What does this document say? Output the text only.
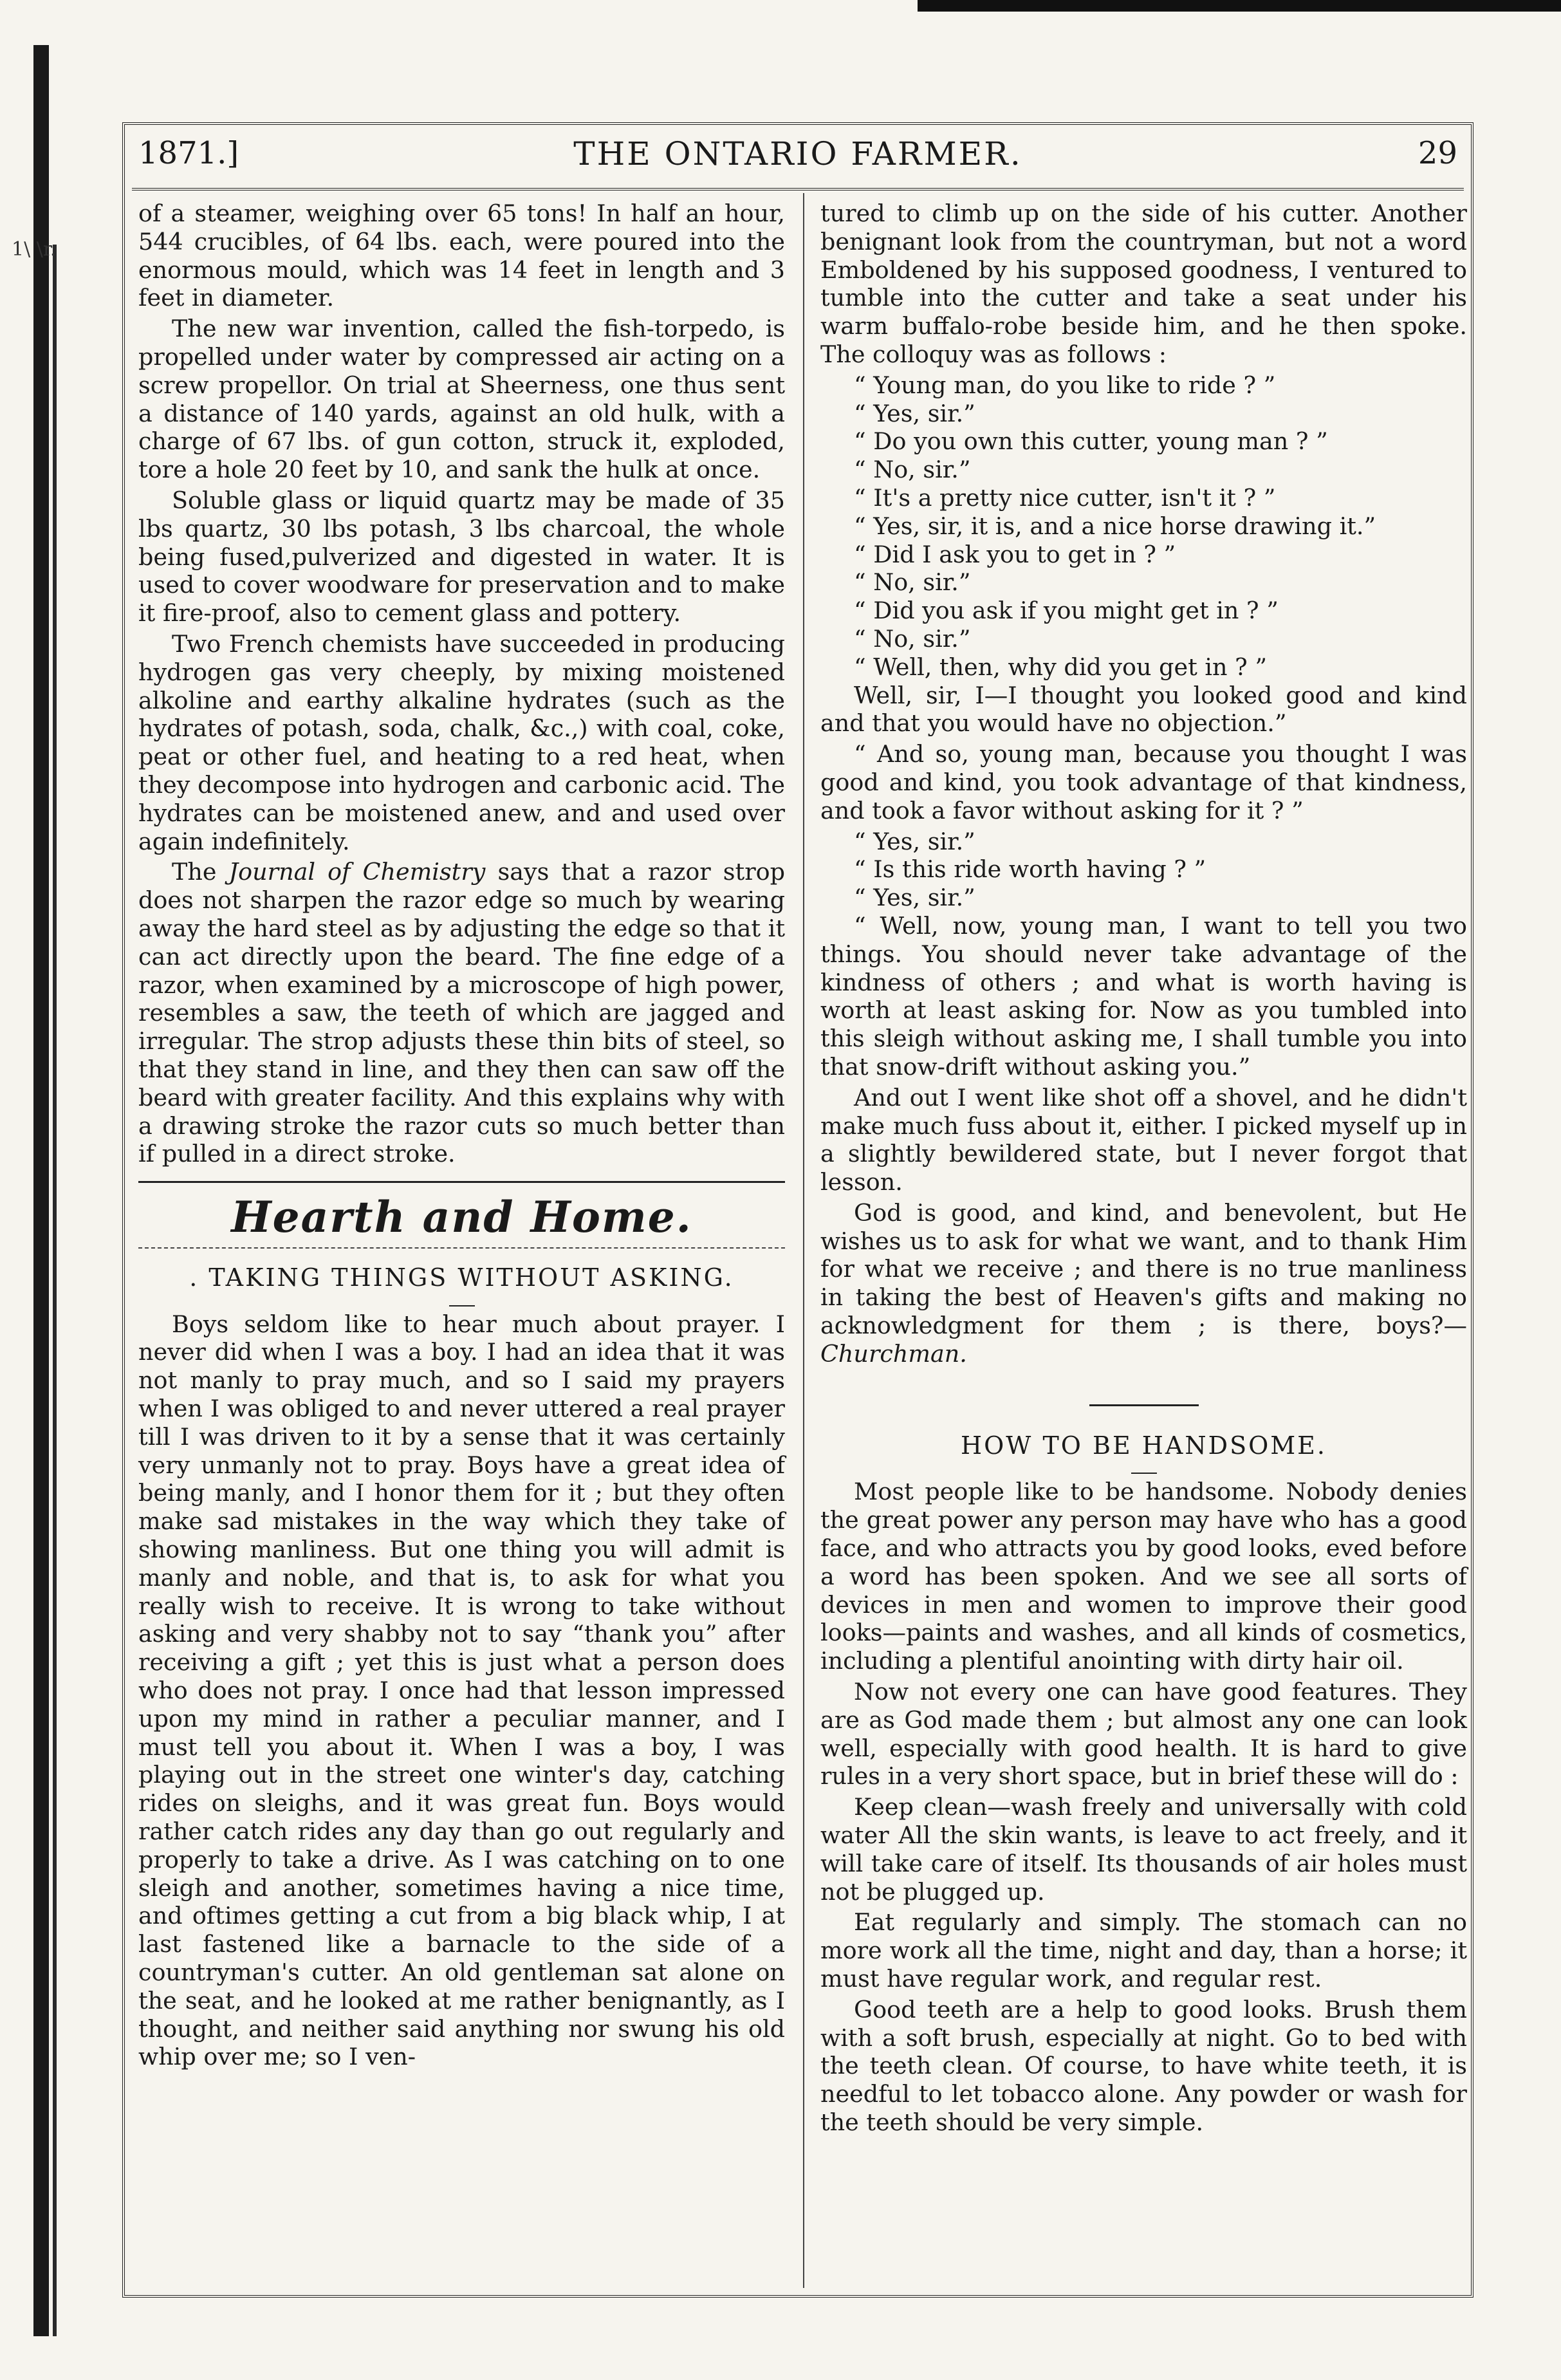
1\ \r.
1871.]	THE ONTARIO FARMER.	29

of a steamer, weighing over 65 tons! In half an hour, 544 crucibles, of 64 lbs. each, were poured into the enormous mould, which was 14 feet in length and 3 feet in diameter.

The new war invention, called the fish-torpedo, is propelled under water by compressed air acting on a screw propellor. On trial at Sheerness, one thus sent a distance of 140 yards, against an old hulk, with a charge of 67 lbs. of gun cotton, struck it, exploded, tore a hole 20 feet by 10, and sank the hulk at once.

Soluble glass or liquid quartz may be made of 35 lbs quartz, 30 lbs potash, 3 lbs charcoal, the whole being fused,pulverized and digested in water. It is used to cover woodware for preservation and to make it fire-proof, also to cement glass and pottery.

Two French chemists have succeeded in producing hydrogen gas very cheeply, by mixing moistened alkoline and earthy alkaline hydrates (such as the hydrates of potash, soda, chalk, &c.,) with coal, coke, peat or other fuel, and heating to a red heat, when they decompose into hydrogen and carbonic acid. The hydrates can be moistened anew, and and used over again indefinitely.

The Journal of Chemistry says that a razor strop does not sharpen the razor edge so much by wearing away the hard steel as by adjusting the edge so that it can act directly upon the beard. The fine edge of a razor, when examined by a microscope of high power, resembles a saw, the teeth of which are jagged and irregular. The strop adjusts these thin bits of steel, so that they stand in line, and they then can saw off the beard with greater facility. And this explains why with a drawing stroke the razor cuts so much better than if pulled in a direct stroke.

Hearth and Home.
. TAKING THINGS WITHOUT ASKING.

Boys seldom like to hear much about prayer. I never did when I was a boy. I had an idea that it was not manly to pray much, and so I said my prayers when I was obliged to and never uttered a real prayer till I was driven to it by a sense that it was certainly very unmanly not to pray. Boys have a great idea of being manly, and I honor them for it ; but they often make sad mistakes in the way which they take of showing manliness. But one thing you will admit is manly and noble, and that is, to ask for what you really wish to receive. It is wrong to take without asking and very shabby not to say “thank you” after receiving a gift ; yet this is just what a person does who does not pray. I once had that lesson impressed upon my mind in rather a peculiar manner, and I must tell you about it. When I was a boy, I was playing out in the street one winter's day, catching rides on sleighs, and it was great fun. Boys would rather catch rides any day than go out regularly and properly to take a drive. As I was catching on to one sleigh and another, sometimes having a nice time, and oftimes getting a cut from a big black whip, I at last fastened like a barnacle to the side of a countryman's cutter. An old gentleman sat alone on the seat, and he looked at me rather benignantly, as I thought, and neither said anything nor swung his old whip over me; so I ven-

tured to climb up on the side of his cutter. Another benignant look from the countryman, but not a word Emboldened by his supposed goodness, I ventured to tumble into the cutter and take a seat under his warm buffalo-robe beside him, and he then spoke. The colloquy was as follows :

“ Young man, do you like to ride ? ”

“ Yes, sir.”

“ Do you own this cutter, young man ? ”

“ No, sir.”

“ It's a pretty nice cutter, isn't it ? ”

“ Yes, sir, it is, and a nice horse drawing it.”

“ Did I ask you to get in ? ”

“ No, sir.”

“ Did you ask if you might get in ? ”

“ No, sir.”

“ Well, then, why did you get in ? ”

Well, sir, I—I thought you looked good and kind and that you would have no objection.”

“ And so, young man, because you thought I was good and kind, you took advantage of that kindness, and took a favor without asking for it ? ”

“ Yes, sir.”

“ Is this ride worth having ? ”

“ Yes, sir.”

“ Well, now, young man, I want to tell you two things. You should never take advantage of the kindness of others ; and what is worth having is worth at least asking for. Now as you tumbled into this sleigh without asking me, I shall tumble you into that snow-drift without asking you.”

And out I went like shot off a shovel, and he didn't make much fuss about it, either. I picked myself up in a slightly bewildered state, but I never forgot that lesson.

God is good, and kind, and benevolent, but He wishes us to ask for what we want, and to thank Him for what we receive ; and there is no true manliness in taking the best of Heaven's gifts and making no acknowledgment for them ; is there, boys?—Churchman.

HOW TO BE HANDSOME.

Most people like to be handsome. Nobody denies the great power any person may have who has a good face, and who attracts you by good looks, eved before a word has been spoken. And we see all sorts of devices in men and women to improve their good looks—paints and washes, and all kinds of cosmetics, including a plentiful anointing with dirty hair oil.

Now not every one can have good features. They are as God made them ; but almost any one can look well, especially with good health. It is hard to give rules in a very short space, but in brief these will do :

Keep clean—wash freely and universally with cold water All the skin wants, is leave to act freely, and it will take care of itself. Its thousands of air holes must not be plugged up.

Eat regularly and simply. The stomach can no more work all the time, night and day, than a horse; it must have regular work, and regular rest.

Good teeth are a help to good looks. Brush them with a soft brush, especially at night. Go to bed with the teeth clean. Of course, to have white teeth, it is needful to let tobacco alone. Any powder or wash for the teeth should be very simple.
